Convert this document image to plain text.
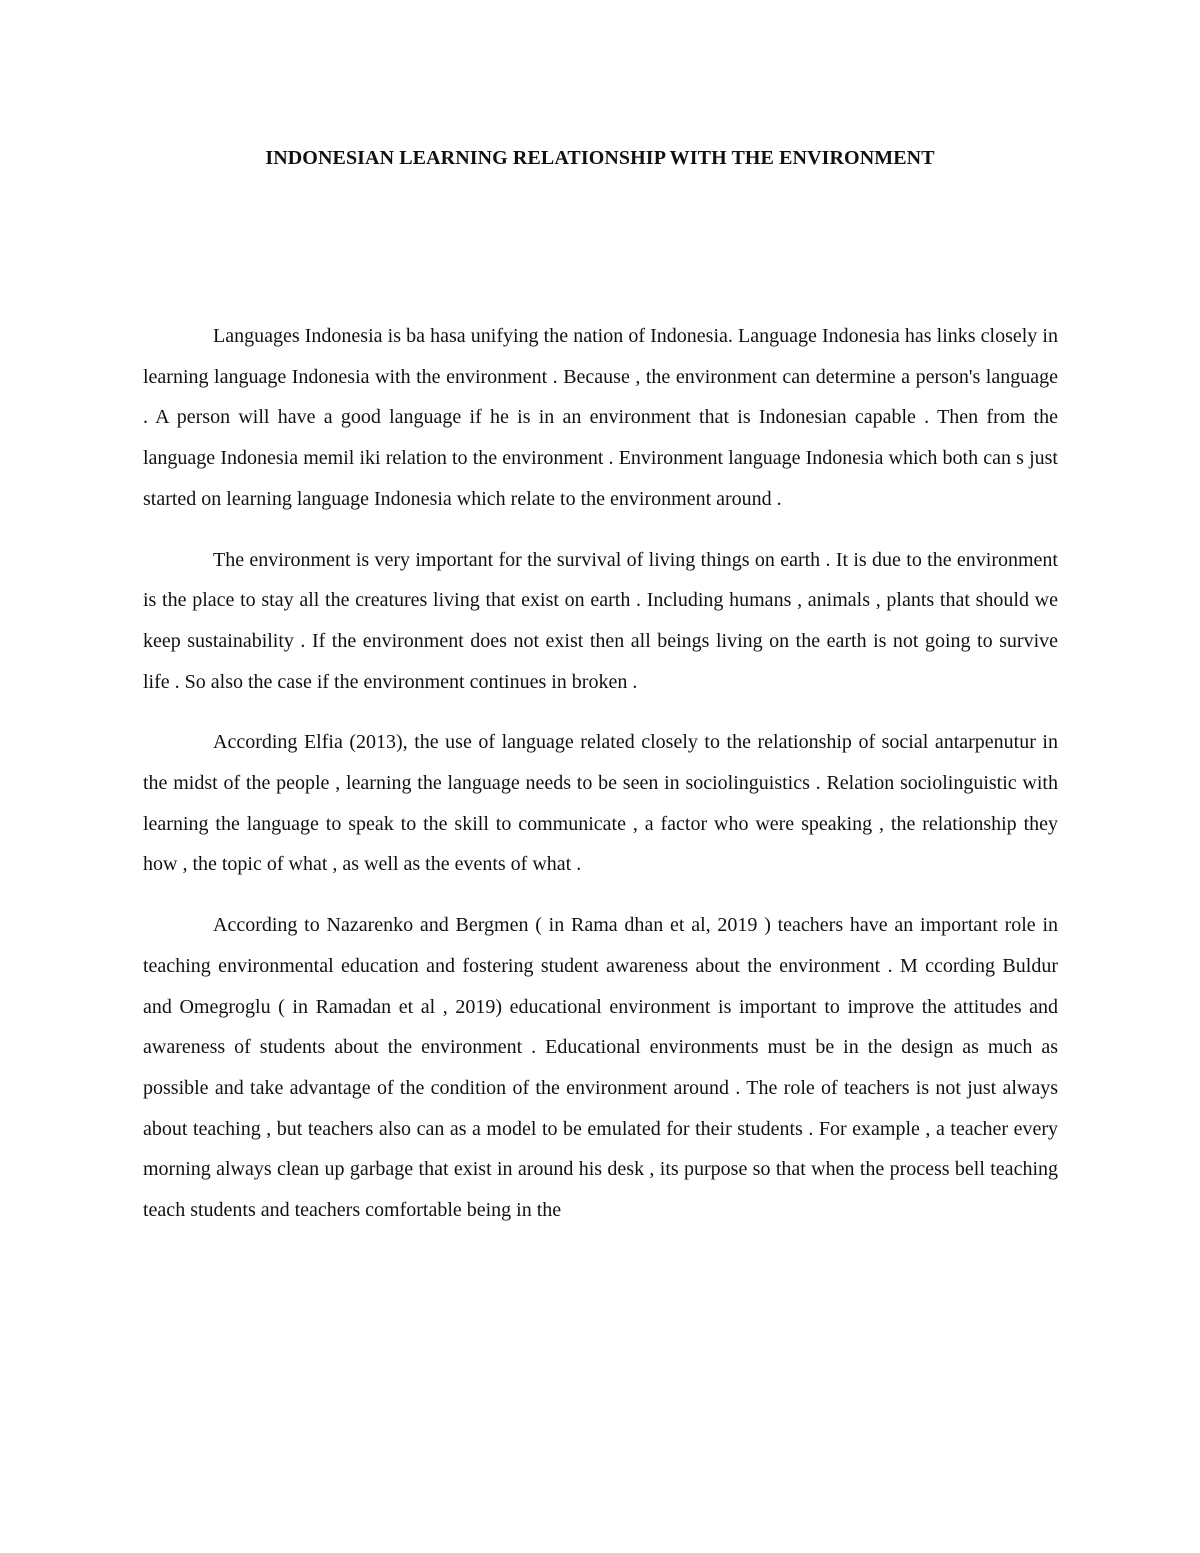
INDONESIAN LEARNING RELATIONSHIP WITH THE ENVIRONMENT

Languages Indonesia is ba hasa unifying the nation of Indonesia. Language Indonesia has links closely in learning language Indonesia with the environment . Because , the environment can determine a person's language . A person will have a good language if he is in an environment that is Indonesian capable . Then from the language Indonesia memil iki relation to the environment . Environment language Indonesia which both can s just started on learning language Indonesia which relate to the environment around .

The environment is very important for the survival of living things on earth . It is due to the environment is the place to stay all the creatures living that exist on earth . Including humans , animals , plants that should we keep sustainability . If the environment does not exist then all beings living on the earth is not going to survive life . So also the case if the environment continues in broken .

According Elfia (2013), the use of language related closely to the relationship of social antarpenutur in the midst of the people , learning the language needs to be seen in sociolinguistics . Relation sociolinguistic with learning the language to speak to the skill to communicate , a factor who were speaking , the relationship they how , the topic of what , as well as the events of what .

According to Nazarenko and Bergmen ( in Rama dhan et al, 2019 ) teachers have an important role in teaching environmental education and fostering student awareness about the environment . M ccording Buldur and Omegroglu ( in Ramadan et al , 2019) educational environment is important to improve the attitudes and awareness of students about the environment . Educational environments must be in the design as much as possible and take advantage of the condition of the environment around . The role of teachers is not just always about teaching , but teachers also can as a model to be emulated for their students . For example , a teacher every morning always clean up garbage that exist in around his desk , its purpose so that when the process bell teaching teach students and teachers comfortable being in the
